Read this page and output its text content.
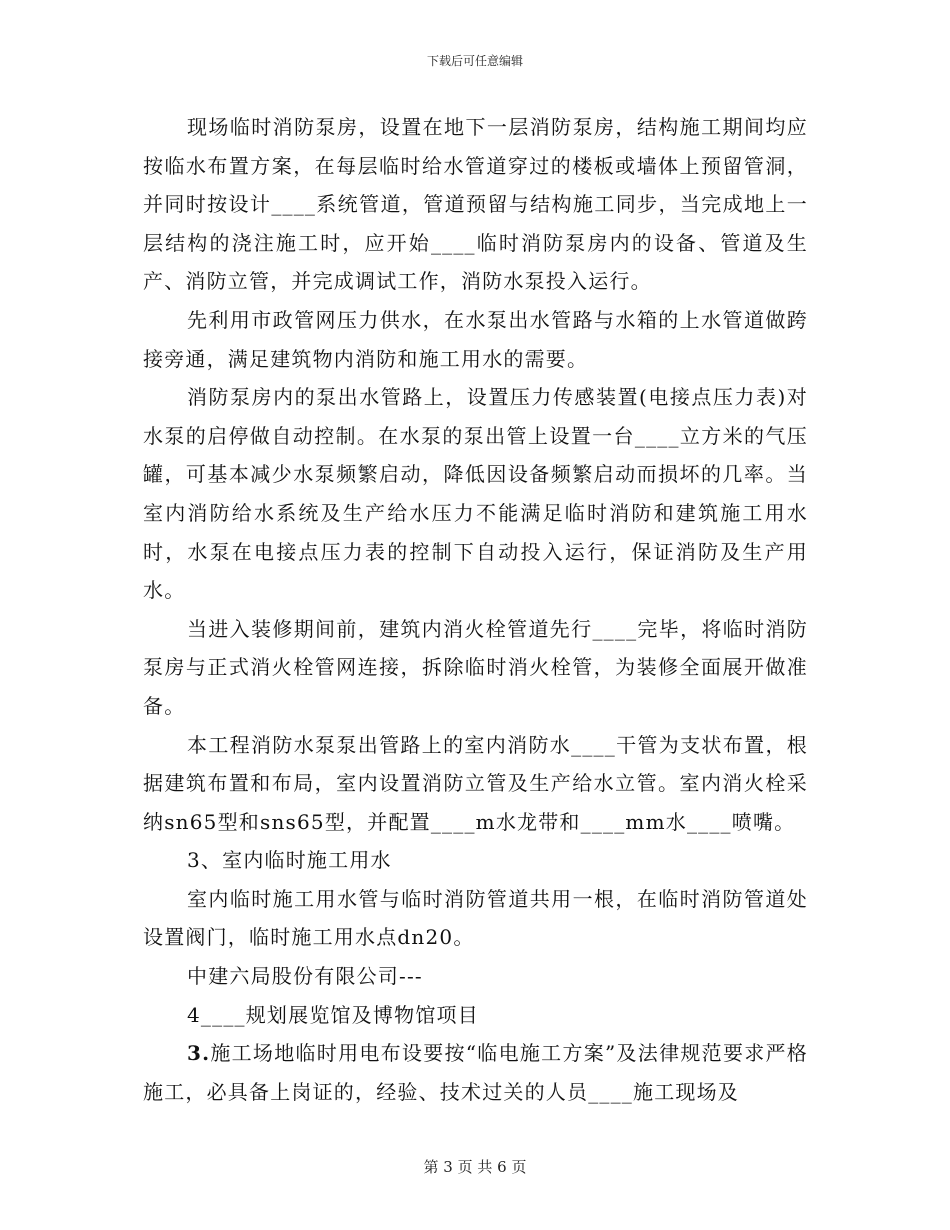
下载后可任意编辑

现场临时消防泵房，设置在地下一层消防泵房，结构施工期间均应按临水布置方案，在每层临时给水管道穿过的楼板或墙体上预留管洞，并同时按设计____系统管道，管道预留与结构施工同步，当完成地上一层结构的浇注施工时，应开始____临时消防泵房内的设备、管道及生产、消防立管，并完成调试工作，消防水泵投入运行。

先利用市政管网压力供水，在水泵出水管路与水箱的上水管道做跨接旁通，满足建筑物内消防和施工用水的需要。

消防泵房内的泵出水管路上，设置压力传感装置(电接点压力表)对水泵的启停做自动控制。在水泵的泵出管上设置一台____立方米的气压罐，可基本减少水泵频繁启动，降低因设备频繁启动而损坏的几率。当室内消防给水系统及生产给水压力不能满足临时消防和建筑施工用水时，水泵在电接点压力表的控制下自动投入运行，保证消防及生产用水。

当进入装修期间前，建筑内消火栓管道先行____完毕，将临时消防泵房与正式消火栓管网连接，拆除临时消火栓管，为装修全面展开做准备。

本工程消防水泵泵出管路上的室内消防水____干管为支状布置，根据建筑布置和布局，室内设置消防立管及生产给水立管。室内消火栓采纳sn65型和sns65型，并配置____m水龙带和____mm水____喷嘴。

3、室内临时施工用水

室内临时施工用水管与临时消防管道共用一根，在临时消防管道处设置阀门，临时施工用水点dn20。

中建六局股份有限公司---

4____规划展览馆及博物馆项目

3.施工场地临时用电布设要按“临电施工方案”及法律规范要求严格施工，必具备上岗证的，经验、技术过关的人员____施工现场及

第 3 页 共 6 页
